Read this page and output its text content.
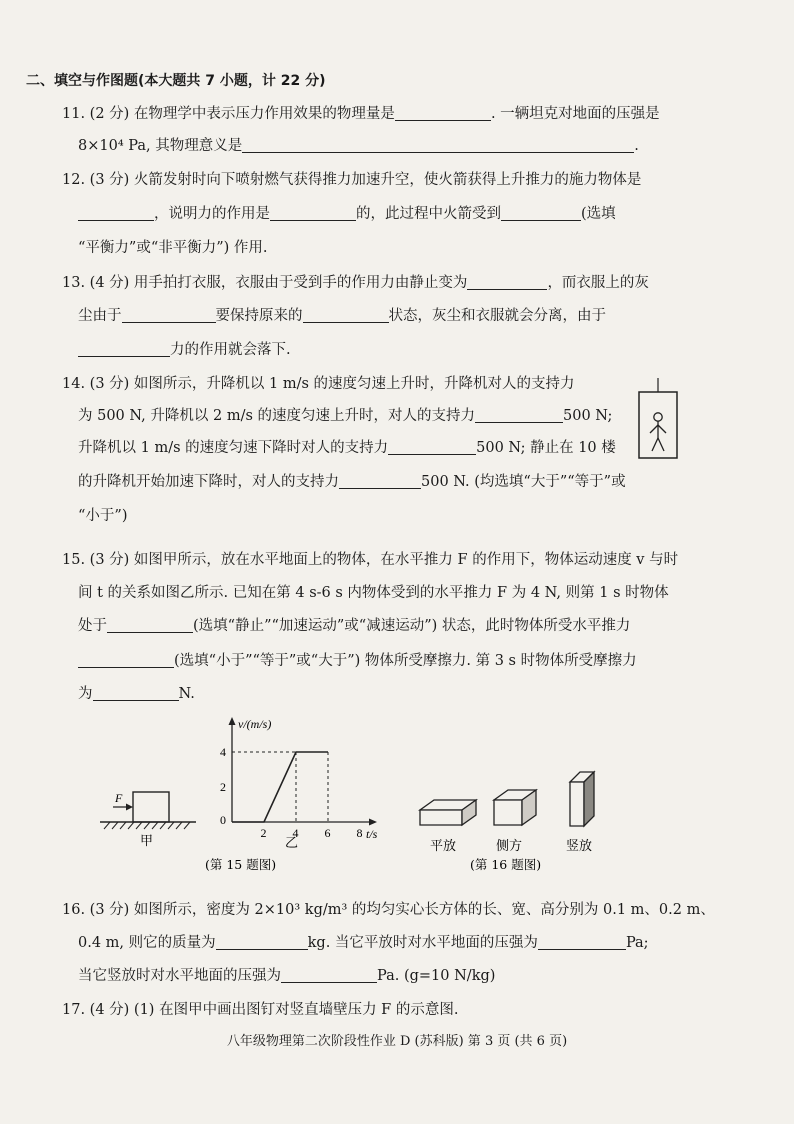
二、填空与作图题(本大题共 7 小题，计 22 分)
11. (2 分) 在物理学中表示压力作用效果的物理量是	. 一辆坦克对地面的压强是
8×10⁴ Pa, 其物理意义是	.
12. (3 分) 火箭发射时向下喷射燃气获得推力加速升空，使火箭获得上升推力的施力物体是
，说明力的作用是	的，此过程中火箭受到	(选填
“平衡力”或“非平衡力”) 作用.
13. (4 分) 用手拍打衣服，衣服由于受到手的作用力由静止变为	，而衣服上的灰
尘由于	要保持原来的	状态，灰尘和衣服就会分离，由于
力的作用就会落下.
14. (3 分) 如图所示，升降机以 1 m/s 的速度匀速上升时，升降机对人的支持力
为 500 N, 升降机以 2 m/s 的速度匀速上升时，对人的支持力	500 N;
升降机以 1 m/s 的速度匀速下降时对人的支持力	500 N; 静止在 10 楼
的升降机开始加速下降时，对人的支持力	500 N. (均选填“大于”“等于”或
“小于”)
15. (3 分) 如图甲所示，放在水平地面上的物体，在水平推力 F 的作用下，物体运动速度 v 与时
间 t 的关系如图乙所示. 已知在第 4 s-6 s 内物体受到的水平推力 F 为 4 N, 则第 1 s 时物体
处于	(选填“静止”“加速运动”或“减速运动”) 状态，此时物体所受水平推力
(选填“小于”“等于”或“大于”) 物体所受摩擦力. 第 3 s 时物体所受摩擦力
为	N.
F
甲
v/(m/s)
t/s
0
2 4 6 8
4
2
乙
(第 15 题图)
平放	侧方	竖放
(第 16 题图)
16. (3 分) 如图所示，密度为 2×10³ kg/m³ 的均匀实心长方体的长、宽、高分别为 0.1 m、0.2 m、
0.4 m, 则它的质量为	kg. 当它平放时对水平地面的压强为	Pa;
当它竖放时对水平地面的压强为	Pa. (g=10 N/kg)
17. (4 分) (1) 在图甲中画出图钉对竖直墙壁压力 F 的示意图.
八年级物理第二次阶段性作业 D (苏科版) 第 3 页 (共 6 页)
